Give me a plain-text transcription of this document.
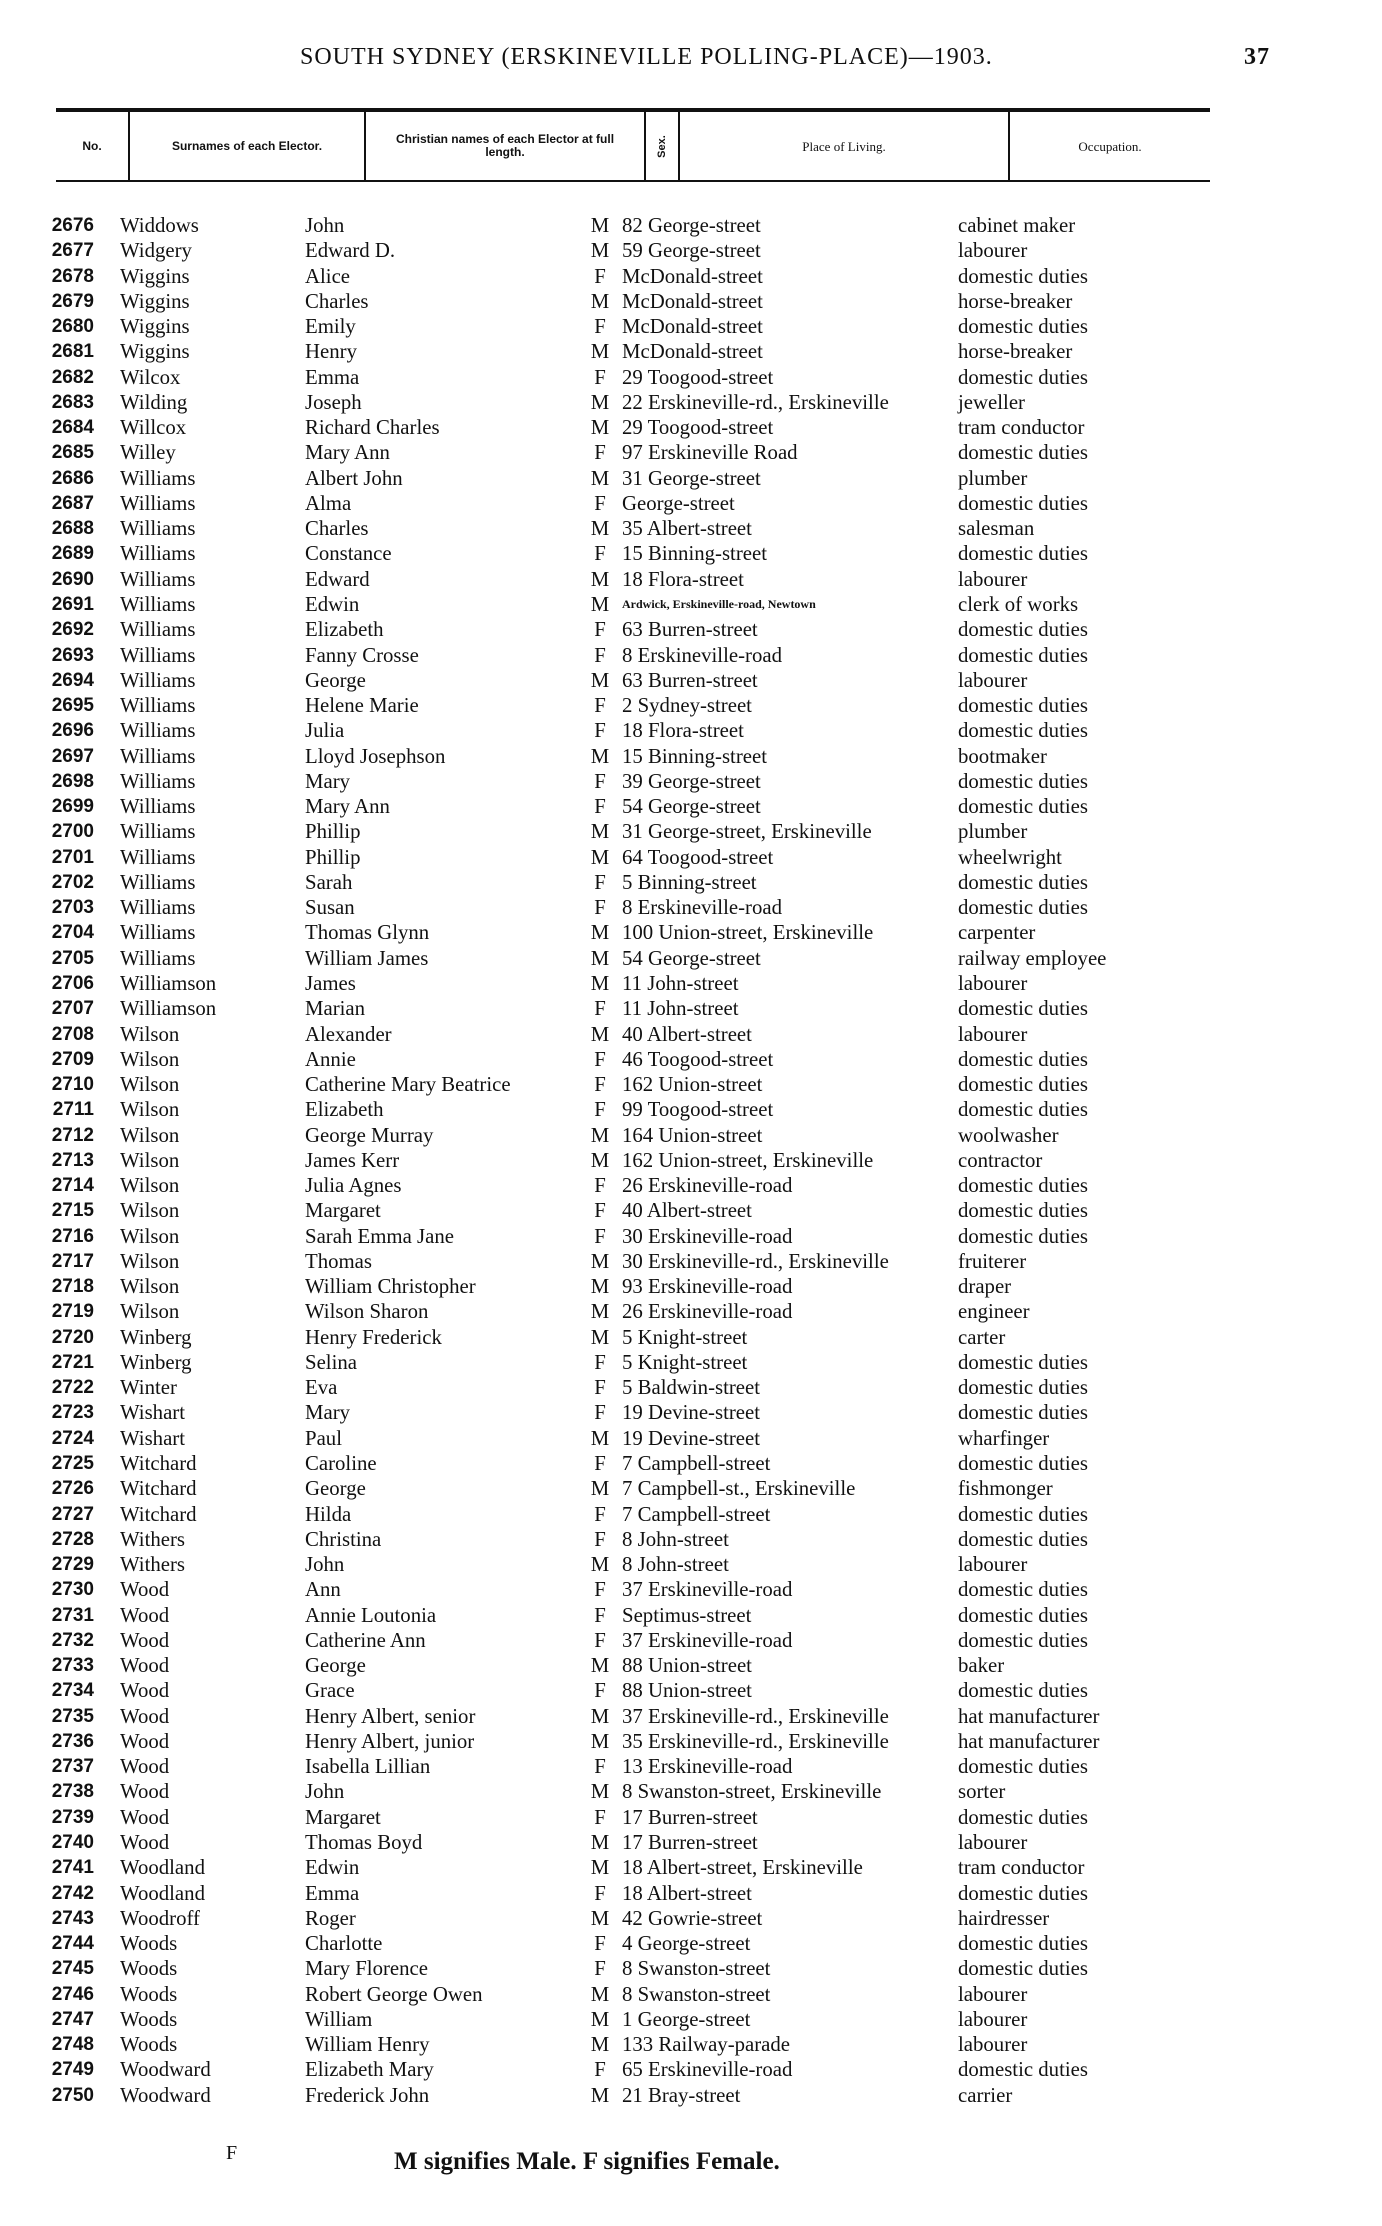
SOUTH SYDNEY (ERSKINEVILLE POLLING-PLACE)—1903.	37
No.	Surnames of each Elector.	Christian names of each Elector at full length.	Sex.	Place of Living.	Occupation.
2676 Widdows	John	M 82 George-street	cabinet maker
2677 Widgery	Edward D.	M 59 George-street	labourer
2678 Wiggins	Alice	F McDonald-street	domestic duties
2679 Wiggins	Charles	M McDonald-street	horse-breaker
2680 Wiggins	Emily	F McDonald-street	domestic duties
2681 Wiggins	Henry	M McDonald-street	horse-breaker
2682 Wilcox	Emma	F 29 Toogood-street	domestic duties
2683 Wilding	Joseph	M 22 Erskineville-rd., Erskineville	jeweller
2684 Willcox	Richard Charles	M 29 Toogood-street	tram conductor
2685 Willey	Mary Ann	F 97 Erskineville Road	domestic duties
2686 Williams	Albert John	M 31 George-street	plumber
2687 Williams	Alma	F George-street	domestic duties
2688 Williams	Charles	M 35 Albert-street	salesman
2689 Williams	Constance	F 15 Binning-street	domestic duties
2690 Williams	Edward	M 18 Flora-street	labourer
2691 Williams	Edwin	M Ardwick, Erskineville-road, Newtown	clerk of works
2692 Williams	Elizabeth	F 63 Burren-street	domestic duties
2693 Williams	Fanny Crosse	F 8 Erskineville-road	domestic duties
2694 Williams	George	M 63 Burren-street	labourer
2695 Williams	Helene Marie	F 2 Sydney-street	domestic duties
2696 Williams	Julia	F 18 Flora-street	domestic duties
2697 Williams	Lloyd Josephson	M 15 Binning-street	bootmaker
2698 Williams	Mary	F 39 George-street	domestic duties
2699 Williams	Mary Ann	F 54 George-street	domestic duties
2700 Williams	Phillip	M 31 George-street, Erskineville	plumber
2701 Williams	Phillip	M 64 Toogood-street	wheelwright
2702 Williams	Sarah	F 5 Binning-street	domestic duties
2703 Williams	Susan	F 8 Erskineville-road	domestic duties
2704 Williams	Thomas Glynn	M 100 Union-street, Erskineville	carpenter
2705 Williams	William James	M 54 George-street	railway employee
2706 Williamson	James	M 11 John-street	labourer
2707 Williamson	Marian	F 11 John-street	domestic duties
2708 Wilson	Alexander	M 40 Albert-street	labourer
2709 Wilson	Annie	F 46 Toogood-street	domestic duties
2710 Wilson	Catherine Mary Beatrice	F 162 Union-street	domestic duties
2711 Wilson	Elizabeth	F 99 Toogood-street	domestic duties
2712 Wilson	George Murray	M 164 Union-street	woolwasher
2713 Wilson	James Kerr	M 162 Union-street, Erskineville	contractor
2714 Wilson	Julia Agnes	F 26 Erskineville-road	domestic duties
2715 Wilson	Margaret	F 40 Albert-street	domestic duties
2716 Wilson	Sarah Emma Jane	F 30 Erskineville-road	domestic duties
2717 Wilson	Thomas	M 30 Erskineville-rd., Erskineville	fruiterer
2718 Wilson	William Christopher	M 93 Erskineville-road	draper
2719 Wilson	Wilson Sharon	M 26 Erskineville-road	engineer
2720 Winberg	Henry Frederick	M 5 Knight-street	carter
2721 Winberg	Selina	F 5 Knight-street	domestic duties
2722 Winter	Eva	F 5 Baldwin-street	domestic duties
2723 Wishart	Mary	F 19 Devine-street	domestic duties
2724 Wishart	Paul	M 19 Devine-street	wharfinger
2725 Witchard	Caroline	F 7 Campbell-street	domestic duties
2726 Witchard	George	M 7 Campbell-st., Erskineville	fishmonger
2727 Witchard	Hilda	F 7 Campbell-street	domestic duties
2728 Withers	Christina	F 8 John-street	domestic duties
2729 Withers	John	M 8 John-street	labourer
2730 Wood	Ann	F 37 Erskineville-road	domestic duties
2731 Wood	Annie Loutonia	F Septimus-street	domestic duties
2732 Wood	Catherine Ann	F 37 Erskineville-road	domestic duties
2733 Wood	George	M 88 Union-street	baker
2734 Wood	Grace	F 88 Union-street	domestic duties
2735 Wood	Henry Albert, senior	M 37 Erskineville-rd., Erskineville	hat manufacturer
2736 Wood	Henry Albert, junior	M 35 Erskineville-rd., Erskineville	hat manufacturer
2737 Wood	Isabella Lillian	F 13 Erskineville-road	domestic duties
2738 Wood	John	M 8 Swanston-street, Erskineville	sorter
2739 Wood	Margaret	F 17 Burren-street	domestic duties
2740 Wood	Thomas Boyd	M 17 Burren-street	labourer
2741 Woodland	Edwin	M 18 Albert-street, Erskineville	tram conductor
2742 Woodland	Emma	F 18 Albert-street	domestic duties
2743 Woodroff	Roger	M 42 Gowrie-street	hairdresser
2744 Woods	Charlotte	F 4 George-street	domestic duties
2745 Woods	Mary Florence	F 8 Swanston-street	domestic duties
2746 Woods	Robert George Owen	M 8 Swanston-street	labourer
2747 Woods	William	M 1 George-street	labourer
2748 Woods	William Henry	M 133 Railway-parade	labourer
2749 Woodward	Elizabeth Mary	F 65 Erskineville-road	domestic duties
2750 Woodward	Frederick John	M 21 Bray-street	carrier
F	M signifies Male. F signifies Female.
